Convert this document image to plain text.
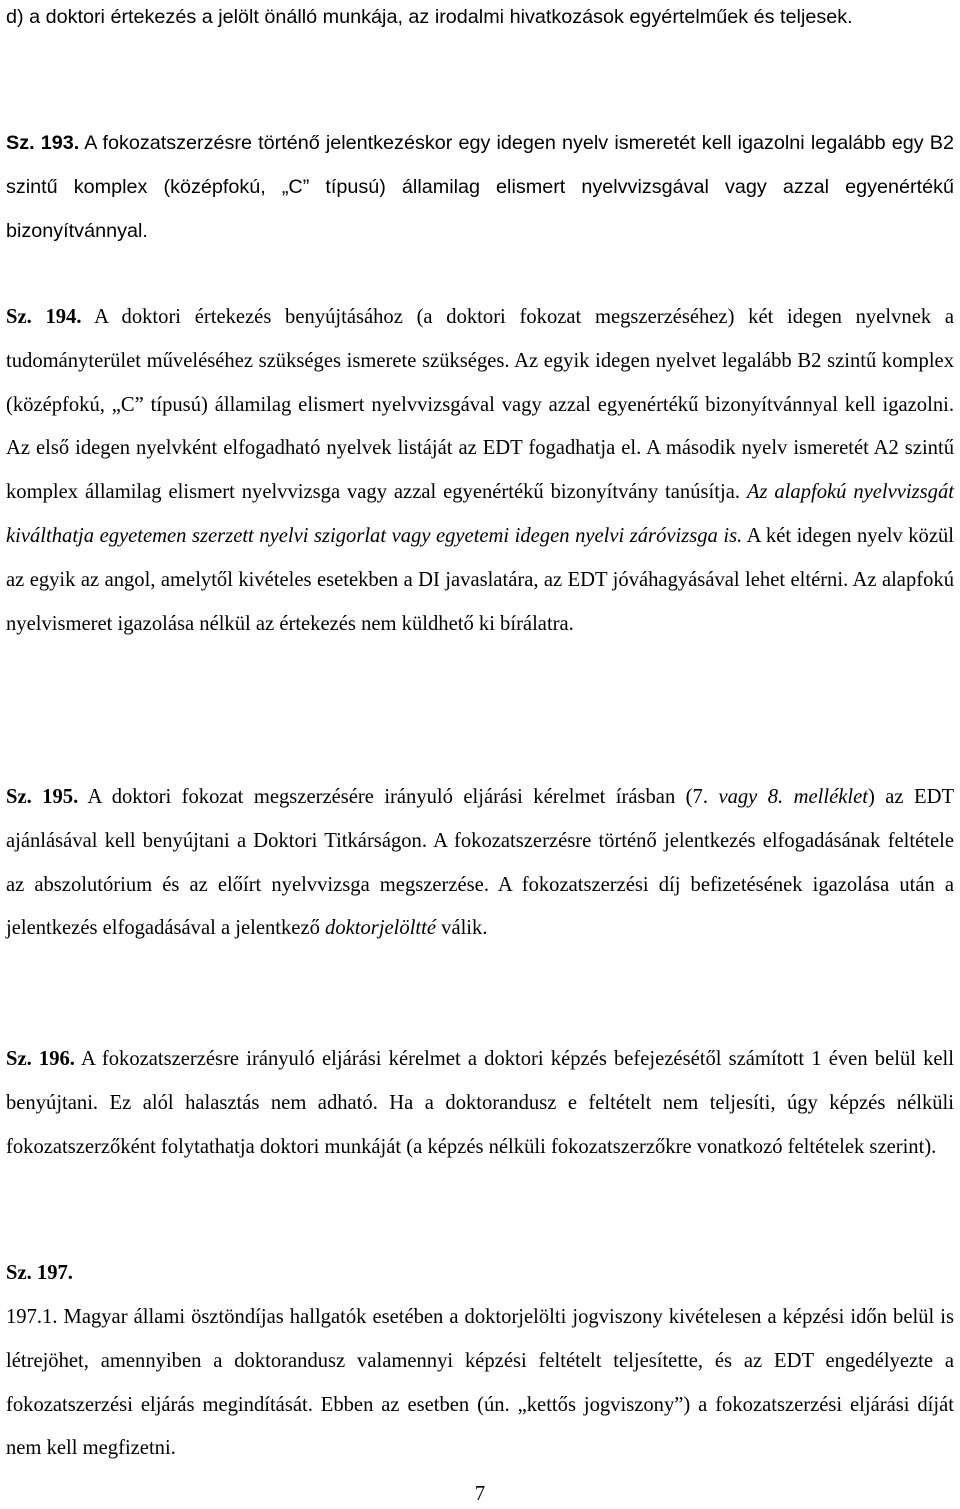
d) a doktori értekezés a jelölt önálló munkája, az irodalmi hivatkozások egyértelműek és teljesek.

Sz. 193. A fokozatszerzésre történő jelentkezéskor egy idegen nyelv ismeretét kell igazolni legalább egy B2 szintű komplex (középfokú, „C” típusú) államilag elismert nyelvvizsgával vagy azzal egyenértékű bizonyítvánnyal.

Sz. 194. A doktori értekezés benyújtásához (a doktori fokozat megszerzéséhez) két idegen nyelvnek a tudományterület műveléséhez szükséges ismerete szükséges. Az egyik idegen nyelvet legalább B2 szintű komplex (középfokú, „C” típusú) államilag elismert nyelvvizsgával vagy azzal egyenértékű bizonyítvánnyal kell igazolni. Az első idegen nyelvként elfogadható nyelvek listáját az EDT fogadhatja el. A második nyelv ismeretét A2 szintű komplex államilag elismert nyelvvizsga vagy azzal egyenértékű bizonyítvány tanúsítja. Az alapfokú nyelvvizsgát kiválthatja egyetemen szerzett nyelvi szigorlat vagy egyetemi idegen nyelvi záróvizsga is. A két idegen nyelv közül az egyik az angol, amelytől kivételes esetekben a DI javaslatára, az EDT jóváhagyásával lehet eltérni. Az alapfokú nyelvismeret igazolása nélkül az értekezés nem küldhető ki bírálatra.

Sz. 195. A doktori fokozat megszerzésére irányuló eljárási kérelmet írásban (7. vagy 8. melléklet) az EDT ajánlásával kell benyújtani a Doktori Titkárságon. A fokozatszerzésre történő jelentkezés elfogadásának feltétele az abszolutórium és az előírt nyelvvizsga megszerzése. A fokozatszerzési díj befizetésének igazolása után a jelentkezés elfogadásával a jelentkező doktorjelöltté válik.

Sz. 196. A fokozatszerzésre irányuló eljárási kérelmet a doktori képzés befejezésétől számított 1 éven belül kell benyújtani. Ez alól halasztás nem adható. Ha a doktorandusz e feltételt nem teljesíti, úgy képzés nélküli fokozatszerzőként folytathatja doktori munkáját (a képzés nélküli fokozatszerzőkre vonatkozó feltételek szerint).

Sz. 197.

197.1. Magyar állami ösztöndíjas hallgatók esetében a doktorjelölti jogviszony kivételesen a képzési időn belül is létrejöhet, amennyiben a doktorandusz valamennyi képzési feltételt teljesítette, és az EDT engedélyezte a fokozatszerzési eljárás megindítását. Ebben az esetben (ún. „kettős jogviszony”) a fokozatszerzési eljárási díját nem kell megfizetni.

7
